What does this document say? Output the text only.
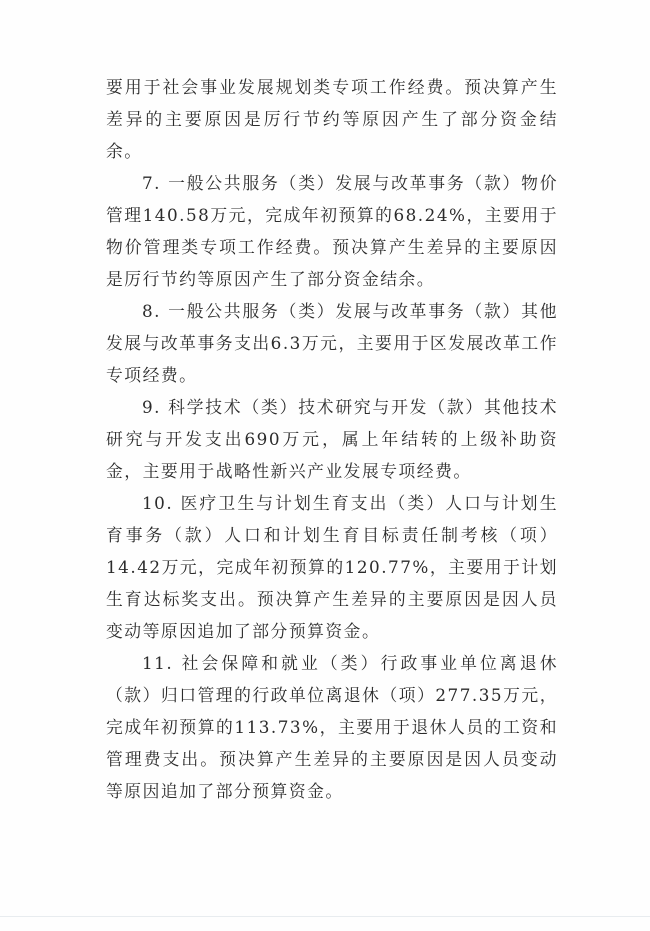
要用于社会事业发展规划类专项工作经费。预决算产生差异的主要原因是厉行节约等原因产生了部分资金结余。

7. 一般公共服务（类）发展与改革事务（款）物价管理140.58万元，完成年初预算的68.24%，主要用于物价管理类专项工作经费。预决算产生差异的主要原因是厉行节约等原因产生了部分资金结余。

8. 一般公共服务（类）发展与改革事务（款）其他发展与改革事务支出6.3万元，主要用于区发展改革工作专项经费。

9. 科学技术（类）技术研究与开发（款）其他技术研究与开发支出690万元，属上年结转的上级补助资金，主要用于战略性新兴产业发展专项经费。

10. 医疗卫生与计划生育支出（类）人口与计划生育事务（款）人口和计划生育目标责任制考核（项）14.42万元，完成年初预算的120.77%，主要用于计划生育达标奖支出。预决算产生差异的主要原因是因人员变动等原因追加了部分预算资金。

11. 社会保障和就业（类）行政事业单位离退休（款）归口管理的行政单位离退休（项）277.35万元，完成年初预算的113.73%，主要用于退休人员的工资和管理费支出。预决算产生差异的主要原因是因人员变动等原因追加了部分预算资金。
